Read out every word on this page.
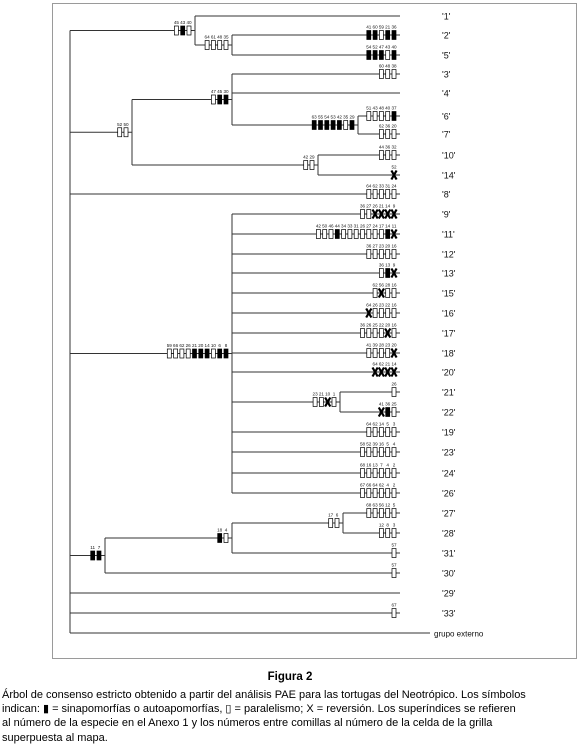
45 43 40
64 61 48 35
41 60 59 21 36
54 52 47 43 40
52 50
47 45 30
63 55 54 53 42 35 29
42 29
60 48 38
51 43 48 40 37
62 36 20
44 36 32
52
64 62 33 31 24
59 66 62 26 21 20 14 10 6 8
36 27 26 21 14 9
42 50 46 44 34 33 31 26 27 24 17 14 11
36 27 23 20 16
36 13 9
62 56 28 16
64 26 23 22 16
36 26 25 22 20 16
41 39 28 23 20
64 62 21 14
23 21 10 1
26
41 36 25
64 62 14 5 3
58 52 39 16 5 4
68 16 13 7 4 2
67 66 64 62 4 2
11 7
18 4
17 6
68 63 56 12 5
12 8 3
57
57
67
'1'
'2'
'5'
'3'
'4'
'6'
'7'
'10'
'14'
'8'
'9'
'11'
'12'
'13'
'15'
'16'
'17'
'18'
'20'
'21'
'22'
'19'
'23'
'24'
'26'
'27'
'28'
'31'
'30'
'29'
'33'
grupo externo
Figura 2
Árbol de consenso estricto obtenido a partir del análisis PAE para las tortugas del Neotrópico. Los símbolos
indican: ▮ = sinapomorfías o autoapomorfías, ▯ = paralelismo; X = reversión. Los superíndices se refieren
al número de la especie en el Anexo 1 y los números entre comillas al número de la celda de la grilla
superpuesta al mapa.
